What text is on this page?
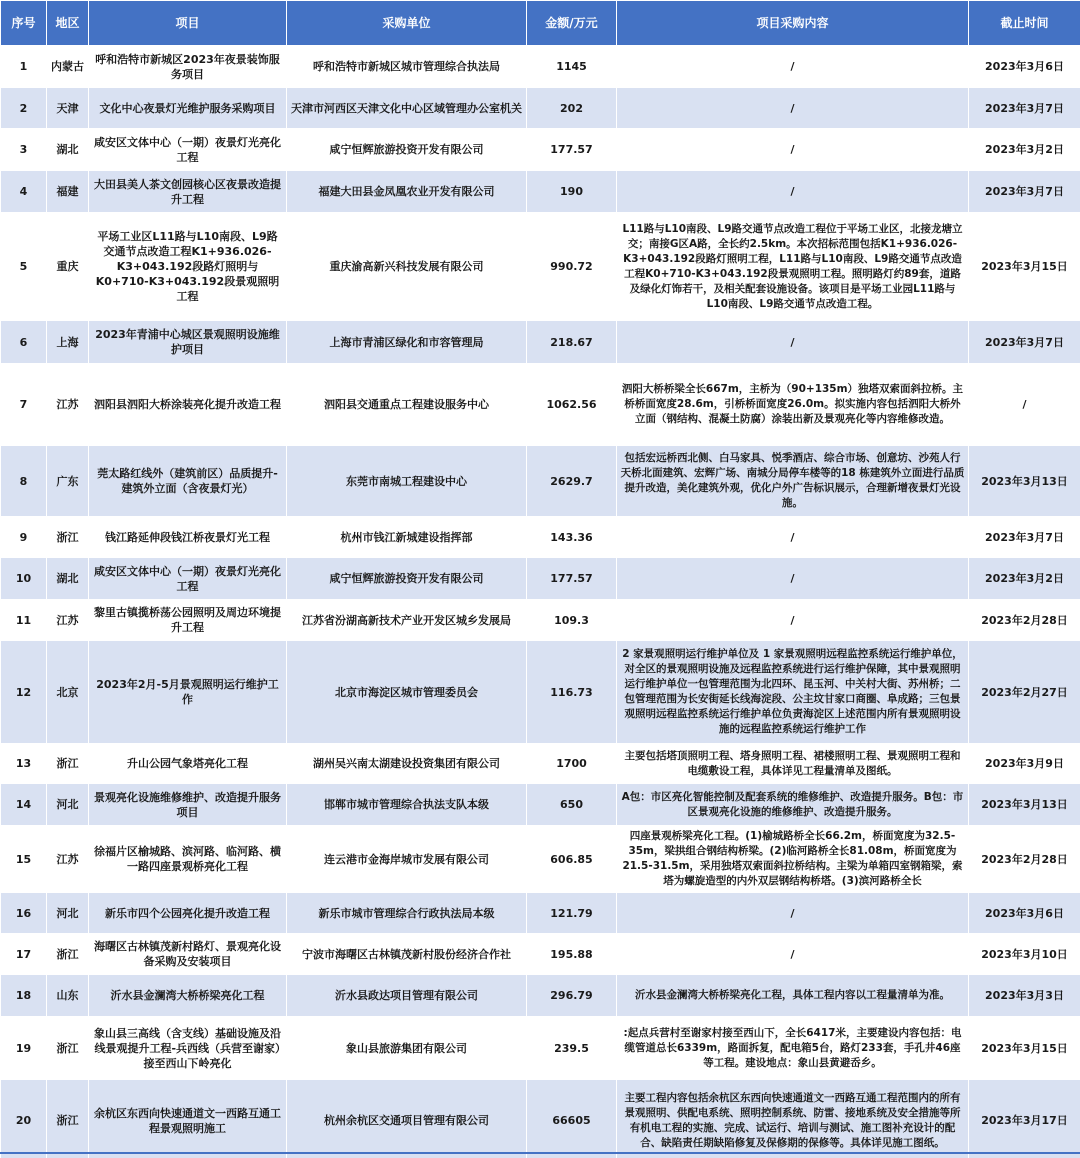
序号	地区	项目	采购单位	金额/万元	项目采购内容	截止时间
1	内蒙古	呼和浩特市新城区2023年夜景装饰服务项目	呼和浩特市新城区城市管理综合执法局	1145	/	2023年3月6日
2	天津	文化中心夜景灯光维护服务采购项目	天津市河西区天津文化中心区域管理办公室机关	202	/	2023年3月7日
3	湖北	咸安区文体中心（一期）夜景灯光亮化工程	咸宁恒辉旅游投资开发有限公司	177.57	/	2023年3月2日
4	福建	大田县美人茶文创园核心区夜景改造提升工程	福建大田县金凤凰农业开发有限公司	190	/	2023年3月7日
5	重庆	平场工业区L11路与L10南段、L9路交通节点改造工程K1+936.026-K3+043.192段路灯照明与K0+710-K3+043.192段景观照明工程	重庆渝高新兴科技发展有限公司	990.72	L11路与L10南段、L9路交通节点改造工程位于平场工业区，北接龙塘立交；南接G区A路，全长约2.5km。本次招标范围包括K1+936.026-K3+043.192段路灯照明工程，L11路与L10南段、L9路交通节点改造工程K0+710-K3+043.192段景观照明工程。照明路灯约89套，道路及绿化灯饰若干，及相关配套设施设备。该项目是平场工业园L11路与L10南段、L9路交通节点改造工程。	2023年3月15日
6	上海	2023年青浦中心城区景观照明设施维护项目	上海市青浦区绿化和市容管理局	218.67	/	2023年3月7日
7	江苏	泗阳县泗阳大桥涂装亮化提升改造工程	泗阳县交通重点工程建设服务中心	1062.56	泗阳大桥桥梁全长667m，主桥为（90+135m）独塔双索面斜拉桥。主桥桥面宽度28.6m，引桥桥面宽度26.0m。拟实施内容包括泗阳大桥外立面（钢结构、混凝土防腐）涂装出新及景观亮化等内容维修改造。	/
8	广东	莞太路红线外（建筑前区）品质提升-建筑外立面（含夜景灯光）	东莞市南城工程建设中心	2629.7	包括宏远桥西北侧、白马家具、悦季酒店、综合市场、创意坊、沙苑人行天桥北面建筑、宏辉广场、南城分局停车楼等的18 栋建筑外立面进行品质提升改造，美化建筑外观，优化户外广告标识展示，合理新增夜景灯光设施。	2023年3月13日
9	浙江	钱江路延伸段钱江桥夜景灯光工程	杭州市钱江新城建设指挥部	143.36	/	2023年3月7日
10	湖北	咸安区文体中心（一期）夜景灯光亮化工程	咸宁恒辉旅游投资开发有限公司	177.57	/	2023年3月2日
11	江苏	黎里古镇揽桥荡公园照明及周边环境提升工程	江苏省汾湖高新技术产业开发区城乡发展局	109.3	/	2023年2月28日
12	北京	2023年2月-5月景观照明运行维护工作	北京市海淀区城市管理委员会	116.73	2 家景观照明运行维护单位及 1 家景观照明远程监控系统运行维护单位，对全区的景观照明设施及远程监控系统进行运行维护保障，其中景观照明运行维护单位一包管理范围为北四环、昆玉河、中关村大街、苏州桥；二包管理范围为长安街延长线海淀段、公主坟甘家口商圈、阜成路；三包景观照明远程监控系统运行维护单位负责海淀区上述范围内所有景观照明设施的远程监控系统运行维护工作	2023年2月27日
13	浙江	升山公园气象塔亮化工程	湖州吴兴南太湖建设投资集团有限公司	1700	主要包括塔顶照明工程、塔身照明工程、裙楼照明工程、景观照明工程和电缆敷设工程，具体详见工程量清单及图纸。	2023年3月9日
14	河北	景观亮化设施维修维护、改造提升服务项目	邯郸市城市管理综合执法支队本级	650	A包：市区亮化智能控制及配套系统的维修维护、改造提升服务。B包：市区景观亮化设施的维修维护、改造提升服务。	2023年3月13日
15	江苏	徐福片区榆城路、滨河路、临河路、横一路四座景观桥亮化工程	连云港市金海岸城市发展有限公司	606.85	四座景观桥梁亮化工程。(1)榆城路桥全长66.2m，桥面宽度为32.5-35m，梁拱组合钢结构桥梁。(2)临河路桥全长81.08m，桥面宽度为21.5-31.5m，采用独塔双索面斜拉桥结构。主梁为单箱四室钢箱梁，索塔为螺旋造型的内外双层钢结构桥塔。(3)滨河路桥全长	2023年2月28日
16	河北	新乐市四个公园亮化提升改造工程	新乐市城市管理综合行政执法局本级	121.79	/	2023年3月6日
17	浙江	海曙区古林镇茂新村路灯、景观亮化设备采购及安装项目	宁波市海曙区古林镇茂新村股份经济合作社	195.88	/	2023年3月10日
18	山东	沂水县金澜湾大桥桥梁亮化工程	沂水县政达项目管理有限公司	296.79	沂水县金澜湾大桥桥梁亮化工程，具体工程内容以工程量清单为准。	2023年3月3日
19	浙江	象山县三高线（含支线）基础设施及沿线景观提升工程-兵西线（兵营至谢家）接至西山下岭亮化	象山县旅游集团有限公司	239.5	:起点兵营村至谢家村接至西山下，全长6417米，主要建设内容包括：电缆管道总长6339m，路面拆复，配电箱5台，路灯233套，手孔井46座等工程。建设地点：象山县黄避岙乡。	2023年3月15日
20	浙江	余杭区东西向快速通道文一西路互通工程景观照明施工	杭州余杭区交通项目管理有限公司	66605	主要工程内容包括余杭区东西向快速通道文一西路互通工程范围内的所有景观照明、供配电系统、照明控制系统、防雷、接地系统及安全措施等所有机电工程的实施、完成、试运行、培训与测试、施工图补充设计的配合、缺陷责任期缺陷修复及保修期的保修等。具体详见施工图纸。	2023年3月17日
